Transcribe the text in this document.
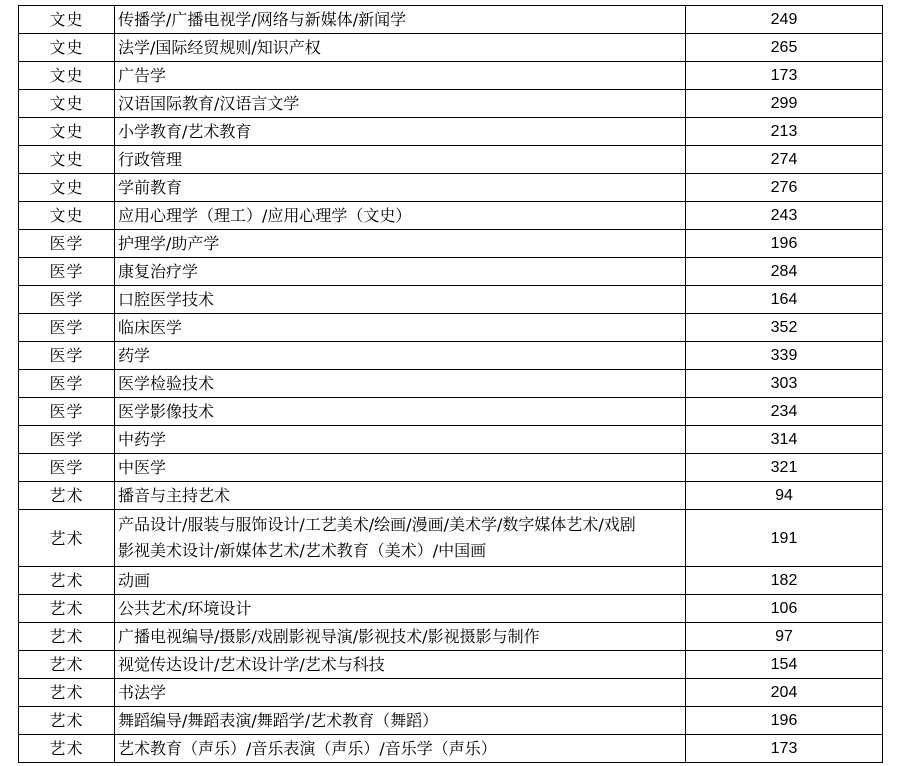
文史	传播学/广播电视学/网络与新媒体/新闻学	249
文史	法学/国际经贸规则/知识产权	265
文史	广告学	173
文史	汉语国际教育/汉语言文学	299
文史	小学教育/艺术教育	213
文史	行政管理	274
文史	学前教育	276
文史	应用心理学（理工）/应用心理学（文史）	243
医学	护理学/助产学	196
医学	康复治疗学	284
医学	口腔医学技术	164
医学	临床医学	352
医学	药学	339
医学	医学检验技术	303
医学	医学影像技术	234
医学	中药学	314
医学	中医学	321
艺术	播音与主持艺术	94
艺术	产品设计/服装与服饰设计/工艺美术/绘画/漫画/美术学/数字媒体艺术/戏剧
影视美术设计/新媒体艺术/艺术教育（美术）/中国画	191
艺术	动画	182
艺术	公共艺术/环境设计	106
艺术	广播电视编导/摄影/戏剧影视导演/影视技术/影视摄影与制作	97
艺术	视觉传达设计/艺术设计学/艺术与科技	154
艺术	书法学	204
艺术	舞蹈编导/舞蹈表演/舞蹈学/艺术教育（舞蹈）	196
艺术	艺术教育（声乐）/音乐表演（声乐）/音乐学（声乐）	173
